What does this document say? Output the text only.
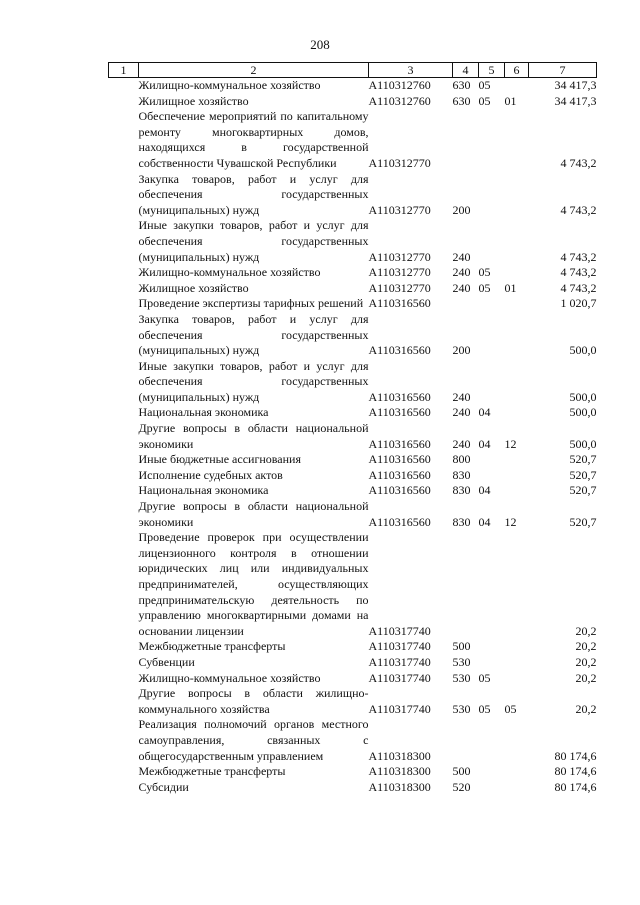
208
1	2	3	4	5	6	7
	Жилищно-коммунальное хозяйство	А110312760	630	05		34 417,3
	Жилищное хозяйство	А110312760	630	05	01	34 417,3
	Обеспечение мероприятий по капитальному ремонту многоквартирных домов, находящихся в государственной собственности Чувашской Республики	А110312770				4 743,2
	Закупка товаров, работ и услуг для обеспечения государственных (муниципальных) нужд	А110312770	200			4 743,2
	Иные закупки товаров, работ и услуг для обеспечения государственных (муниципальных) нужд	А110312770	240			4 743,2
	Жилищно-коммунальное хозяйство	А110312770	240	05		4 743,2
	Жилищное хозяйство	А110312770	240	05	01	4 743,2
	Проведение экспертизы тарифных решений	А110316560				1 020,7
	Закупка товаров, работ и услуг для обеспечения государственных (муниципальных) нужд	А110316560	200			500,0
	Иные закупки товаров, работ и услуг для обеспечения государственных (муниципальных) нужд	А110316560	240			500,0
	Национальная экономика	А110316560	240	04		500,0
	Другие вопросы в области национальной экономики	А110316560	240	04	12	500,0
	Иные бюджетные ассигнования	А110316560	800			520,7
	Исполнение судебных актов	А110316560	830			520,7
	Национальная экономика	А110316560	830	04		520,7
	Другие вопросы в области национальной экономики	А110316560	830	04	12	520,7
	Проведение проверок при осуществлении лицензионного контроля в отношении юридических лиц или индивидуальных предпринимателей, осуществляющих предпринимательскую деятельность по управлению многоквартирными домами на основании лицензии	А110317740				20,2
	Межбюджетные трансферты	А110317740	500			20,2
	Субвенции	А110317740	530			20,2
	Жилищно-коммунальное хозяйство	А110317740	530	05		20,2
	Другие вопросы в области жилищно-коммунального хозяйства	А110317740	530	05	05	20,2
	Реализация полномочий органов местного самоуправления, связанных с общегосударственным управлением	А110318300				80 174,6
	Межбюджетные трансферты	А110318300	500			80 174,6
	Субсидии	А110318300	520			80 174,6
